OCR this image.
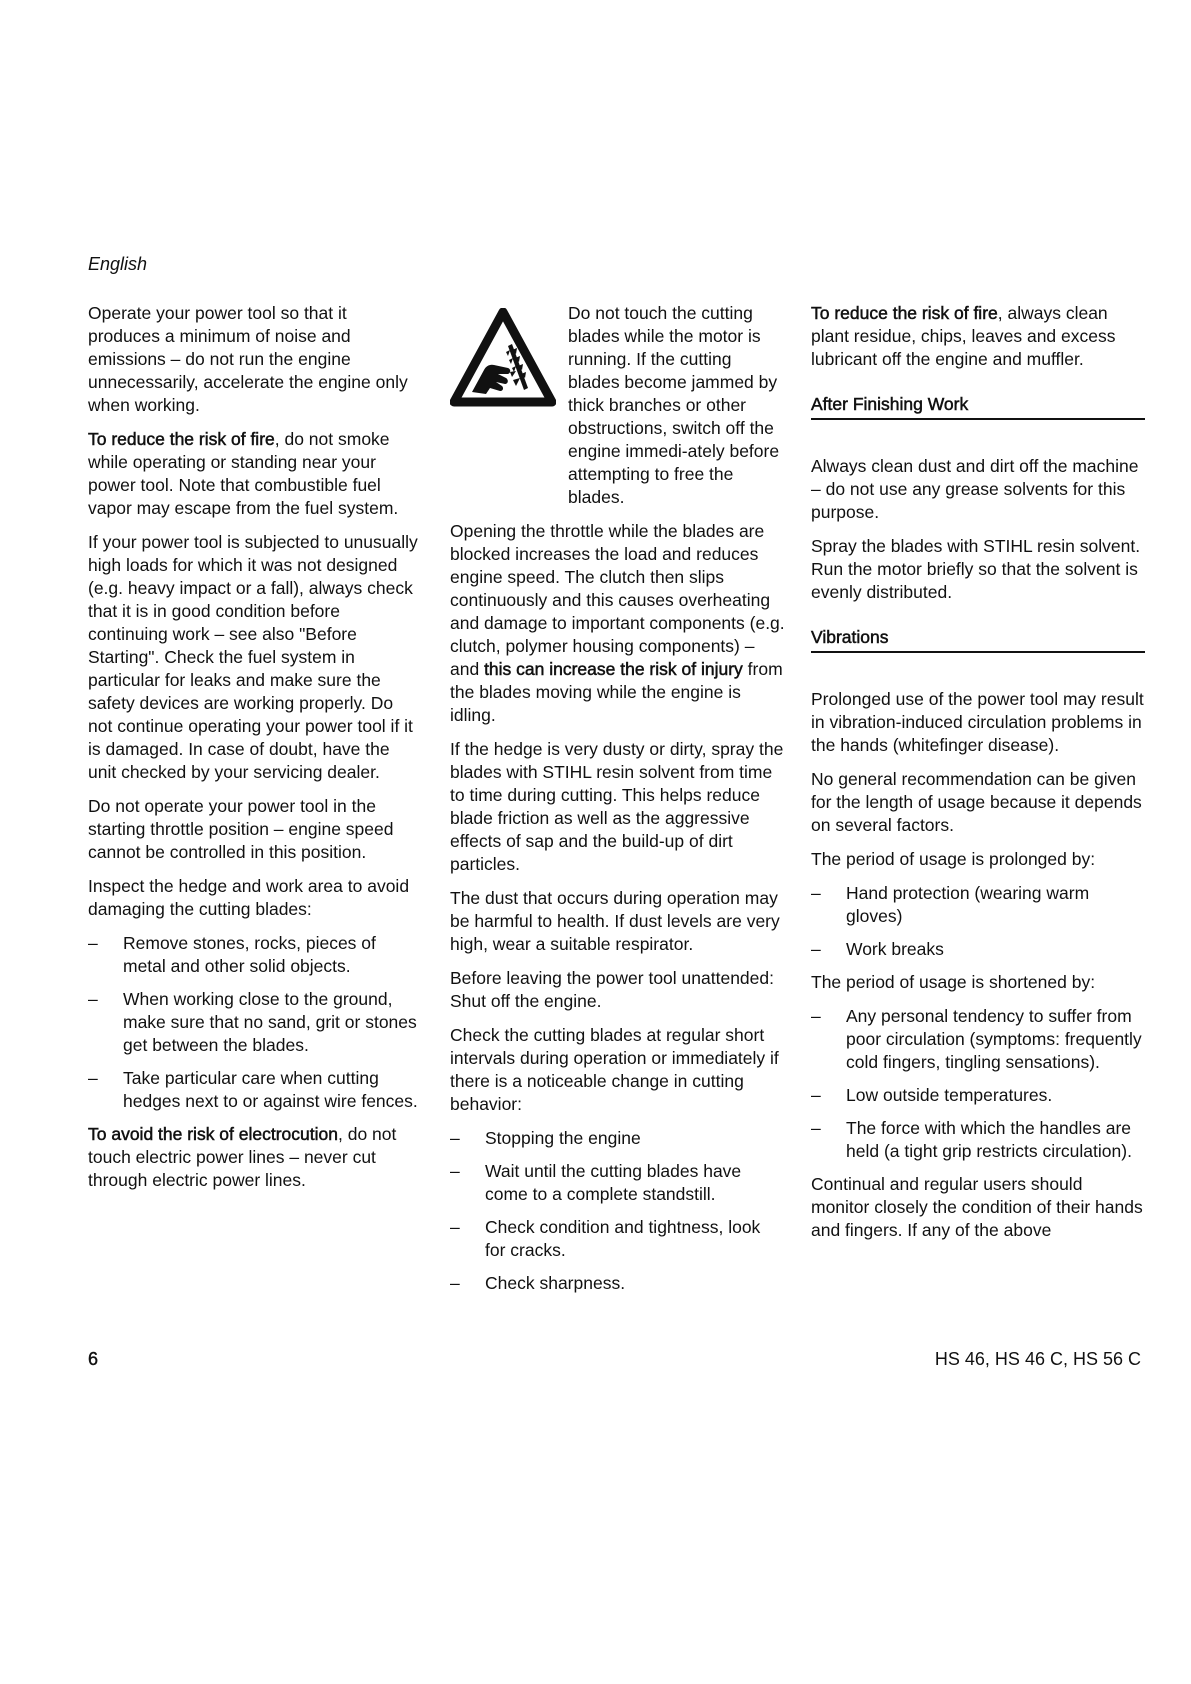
English

Operate your power tool so that it produces a minimum of noise and emissions – do not run the engine unnecessarily, accelerate the engine only when working.

To reduce the risk of fire, do not smoke while operating or standing near your power tool. Note that combustible fuel vapor may escape from the fuel system.

If your power tool is subjected to unusually high loads for which it was not designed (e.g. heavy impact or a fall), always check that it is in good condition before continuing work – see also "Before Starting". Check the fuel system in particular for leaks and make sure the safety devices are working properly. Do not continue operating your power tool if it is damaged. In case of doubt, have the unit checked by your servicing dealer.

Do not operate your power tool in the starting throttle position – engine speed cannot be controlled in this position.

Inspect the hedge and work area to avoid damaging the cutting blades:

– Remove stones, rocks, pieces of metal and other solid objects.
– When working close to the ground, make sure that no sand, grit or stones get between the blades.
– Take particular care when cutting hedges next to or against wire fences.

To avoid the risk of electrocution, do not touch electric power lines – never cut through electric power lines.

Do not touch the cutting blades while the motor is running. If the cutting blades become jammed by thick branches or other obstructions, switch off the engine immedi-ately before attempting to free the blades.

Opening the throttle while the blades are blocked increases the load and reduces engine speed. The clutch then slips continuously and this causes overheating and damage to important components (e.g. clutch, polymer housing components) – and this can increase the risk of injury from the blades moving while the engine is idling.

If the hedge is very dusty or dirty, spray the blades with STIHL resin solvent from time to time during cutting. This helps reduce blade friction as well as the aggressive effects of sap and the build-up of dirt particles.

The dust that occurs during operation may be harmful to health. If dust levels are very high, wear a suitable respirator.

Before leaving the power tool unattended: Shut off the engine.

Check the cutting blades at regular short intervals during operation or immediately if there is a noticeable change in cutting behavior:

– Stopping the engine
– Wait until the cutting blades have come to a complete standstill.
– Check condition and tightness, look for cracks.
– Check sharpness.

To reduce the risk of fire, always clean plant residue, chips, leaves and excess lubricant off the engine and muffler.

After Finishing Work

Always clean dust and dirt off the machine – do not use any grease solvents for this purpose.

Spray the blades with STIHL resin solvent. Run the motor briefly so that the solvent is evenly distributed.

Vibrations

Prolonged use of the power tool may result in vibration-induced circulation problems in the hands (whitefinger disease).

No general recommendation can be given for the length of usage because it depends on several factors.

The period of usage is prolonged by:

– Hand protection (wearing warm gloves)
– Work breaks

The period of usage is shortened by:

– Any personal tendency to suffer from poor circulation (symptoms: frequently cold fingers, tingling sensations).
– Low outside temperatures.
– The force with which the handles are held (a tight grip restricts circulation).

Continual and regular users should monitor closely the condition of their hands and fingers. If any of the above

6	HS 46, HS 46 C, HS 56 C
